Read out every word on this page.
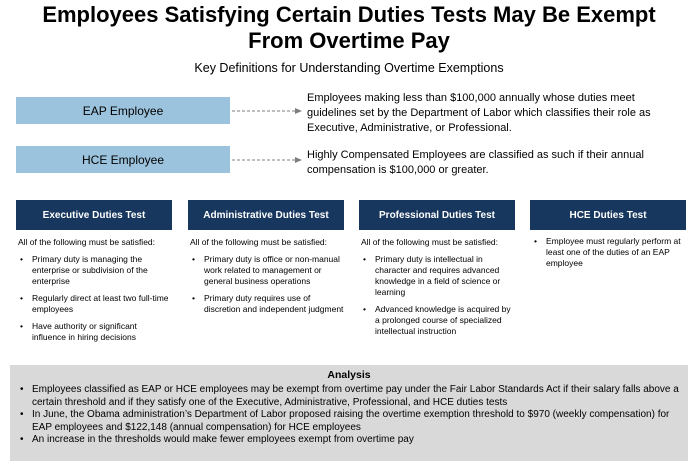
Employees Satisfying Certain Duties Tests May Be Exempt
From Overtime Pay
Key Definitions for Understanding Overtime Exemptions
EAP Employee
Employees making less than $100,000 annually whose duties meet guidelines set by the Department of Labor which classifies their role as Executive, Administrative, or Professional.
HCE Employee	Highly Compensated Employees are classified as such if their annual compensation is $100,000 or greater.
Executive Duties Test
All of the following must be satisfied:
• Primary duty is managing the enterprise or subdivision of the enterprise
• Regularly direct at least two full-time employees
• Have authority or significant influence in hiring decisions
Administrative Duties Test
All of the following must be satisfied:
• Primary duty is office or non-manual work related to management or general business operations
• Primary duty requires use of discretion and independent judgment
Professional Duties Test
All of the following must be satisfied:
• Primary duty is intellectual in character and requires advanced knowledge in a field of science or learning
• Advanced knowledge is acquired by a prolonged course of specialized intellectual instruction
HCE Duties Test
• Employee must regularly perform at least one of the duties of an EAP employee
Analysis
• Employees classified as EAP or HCE employees may be exempt from overtime pay under the Fair Labor Standards Act if their salary falls above a certain threshold and if they satisfy one of the Executive, Administrative, Professional, and HCE duties tests
• In June, the Obama administration’s Department of Labor proposed raising the overtime exemption threshold to $970 (weekly compensation) for EAP employees and $122,148 (annual compensation) for HCE employees
• An increase in the thresholds would make fewer employees exempt from overtime pay
